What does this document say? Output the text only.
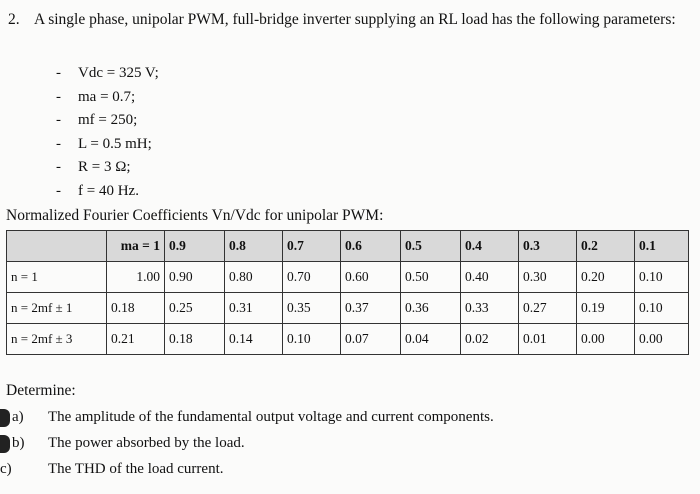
2. A single phase, unipolar PWM, full-bridge inverter supplying an RL load has the following parameters:
-	Vdc = 325 V;
-	ma = 0.7;
-	mf = 250;
-	L = 0.5 mH;
-	R = 3 Ω;
-	f = 40 Hz.
Normalized Fourier Coefficients Vn/Vdc for unipolar PWM:
	ma = 1	0.9	0.8	0.7	0.6	0.5	0.4	0.3	0.2	0.1
n = 1	1.00	0.90	0.80	0.70	0.60	0.50	0.40	0.30	0.20	0.10
n = 2mf ± 1	0.18	0.25	0.31	0.35	0.37	0.36	0.33	0.27	0.19	0.10
n = 2mf ± 3	0.21	0.18	0.14	0.10	0.07	0.04	0.02	0.01	0.00	0.00
Determine:
a)	The amplitude of the fundamental output voltage and current components.
b)	The power absorbed by the load.
c)	The THD of the load current.
